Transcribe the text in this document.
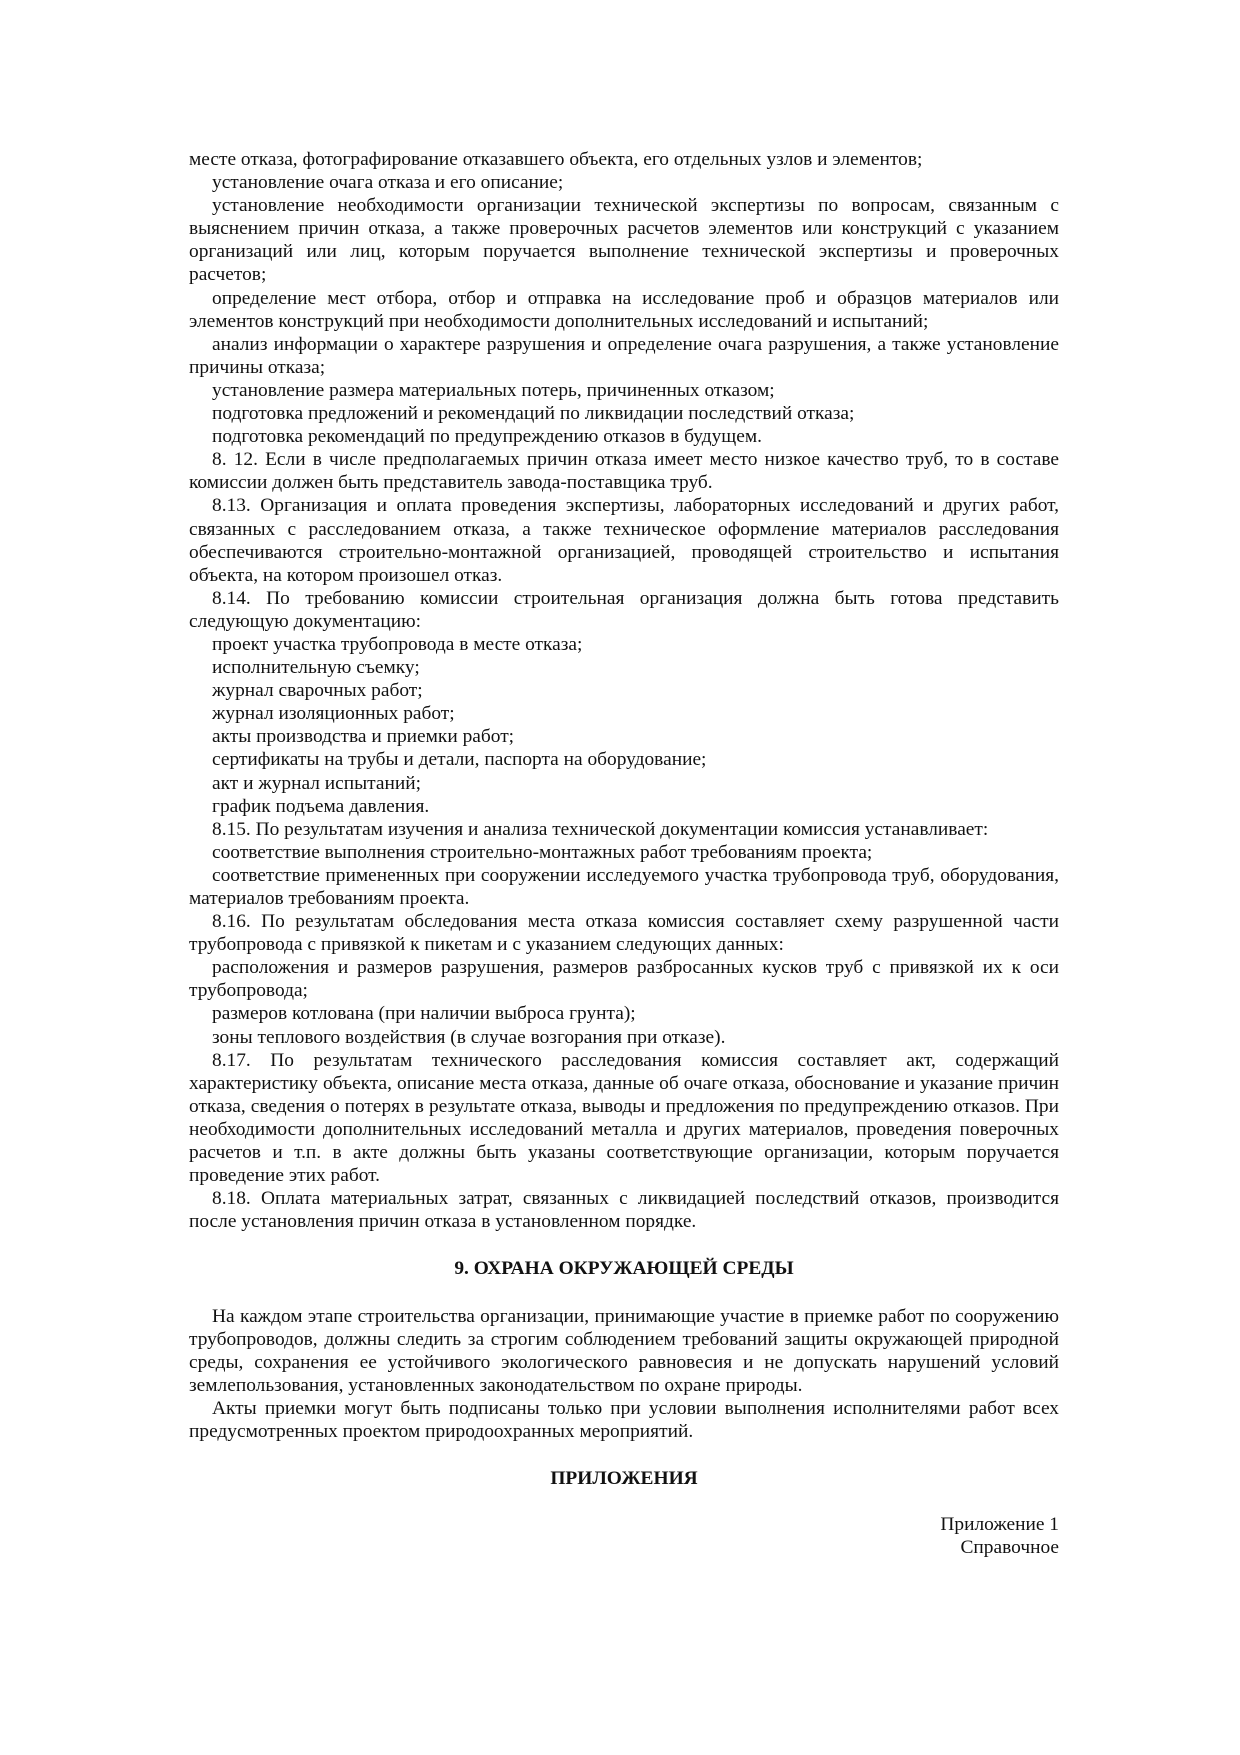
месте отказа, фотографирование отказавшего объекта, его отдельных узлов и элементов;

установление очага отказа и его описание;

установление необходимости организации технической экспертизы по вопросам, связанным с выяснением причин отказа, а также проверочных расчетов элементов или конструкций с указанием организаций или лиц, которым поручается выполнение технической экспертизы и проверочных расчетов;

определение мест отбора, отбор и отправка на исследование проб и образцов материалов или элементов конструкций при необходимости дополнительных исследований и испытаний;

анализ информации о характере разрушения и определение очага разрушения, а также установление причины отказа;

установление размера материальных потерь, причиненных отказом;

подготовка предложений и рекомендаций по ликвидации последствий отказа;

подготовка рекомендаций по предупреждению отказов в будущем.

8. 12. Если в числе предполагаемых причин отказа имеет место низкое качество труб, то в составе комиссии должен быть представитель завода-поставщика труб.

8.13. Организация и оплата проведения экспертизы, лабораторных исследований и других работ, связанных с расследованием отказа, а также техническое оформление материалов расследования обеспечиваются строительно-монтажной организацией, проводящей строительство и испытания объекта, на котором произошел отказ.

8.14. По требованию комиссии строительная организация должна быть готова представить следующую документацию:

проект участка трубопровода в месте отказа;

исполнительную съемку;

журнал сварочных работ;

журнал изоляционных работ;

акты производства и приемки работ;

сертификаты на трубы и детали, паспорта на оборудование;

акт и журнал испытаний;

график подъема давления.

8.15. По результатам изучения и анализа технической документации комиссия устанавливает:

соответствие выполнения строительно-монтажных работ требованиям проекта;

соответствие примененных при сооружении исследуемого участка трубопровода труб, оборудования, материалов требованиям проекта.

8.16. По результатам обследования места отказа комиссия составляет схему разрушенной части трубопровода с привязкой к пикетам и с указанием следующих данных:

расположения и размеров разрушения, размеров разбросанных кусков труб с привязкой их к оси трубопровода;

размеров котлована (при наличии выброса грунта);

зоны теплового воздействия (в случае возгорания при отказе).

8.17. По результатам технического расследования комиссия составляет акт, содержащий характеристику объекта, описание места отказа, данные об очаге отказа, обоснование и указание причин отказа, сведения о потерях в результате отказа, выводы и предложения по предупреждению отказов. При необходимости дополнительных исследований металла и других материалов, проведения поверочных расчетов и т.п. в акте должны быть указаны соответствующие организации, которым поручается проведение этих работ.

8.18. Оплата материальных затрат, связанных с ликвидацией последствий отказов, производится после установления причин отказа в установленном порядке.

9. ОХРАНА ОКРУЖАЮЩЕЙ СРЕДЫ

На каждом этапе строительства организации, принимающие участие в приемке работ по сооружению трубопроводов, должны следить за строгим соблюдением требований защиты окружающей природной среды, сохранения ее устойчивого экологического равновесия и не допускать нарушений условий землепользования, установленных законодательством по охране природы.

Акты приемки могут быть подписаны только при условии выполнения исполнителями работ всех предусмотренных проектом природоохранных мероприятий.

ПРИЛОЖЕНИЯ

Приложение 1

Справочное
